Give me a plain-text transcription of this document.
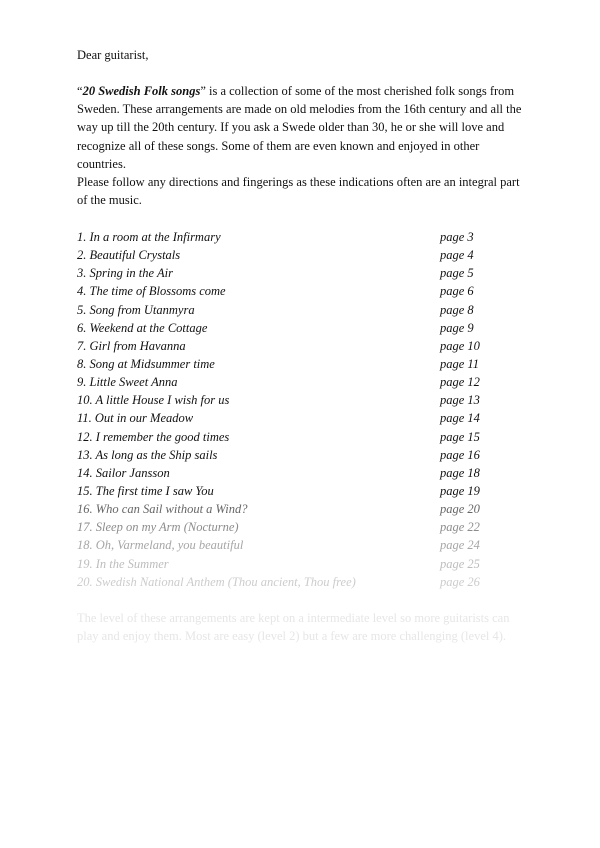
Dear guitarist,
“20 Swedish Folk songs” is a collection of some of the most cherished folk songs from Sweden. These arrangements are made on old melodies from the 16th century and all the way up till the 20th century. If you ask a Swede older than 30, he or she will love and recognize all of these songs. Some of them are even known and enjoyed in other countries.
Please follow any directions and fingerings as these indications often are an integral part of the music.
1. In a room at the Infirmary	page 3
2. Beautiful Crystals	page 4
3. Spring in the Air	page 5
4. The time of Blossoms come	page 6
5. Song from Utanmyra	page 8
6. Weekend at the Cottage	page 9
7. Girl from Havanna	page 10
8. Song at Midsummer time	page 11
9. Little Sweet Anna	page 12
10. A little House I wish for us	page 13
11. Out in our Meadow	page 14
12. I remember the good times	page 15
13. As long as the Ship sails	page 16
14. Sailor Jansson	page 18
15. The first time I saw You	page 19
16. Who can Sail without a Wind?	page 20
17. Sleep on my Arm (Nocturne)	page 22
18. Oh, Varmeland, you beautiful	page 24
19. In the Summer	page 25
20. Swedish National Anthem (Thou ancient, Thou free)	page 26
The level of these arrangements are kept on a intermediate level so more guitarists can play and enjoy them. Most are easy (level 2) but a few are more challenging (level 4).
